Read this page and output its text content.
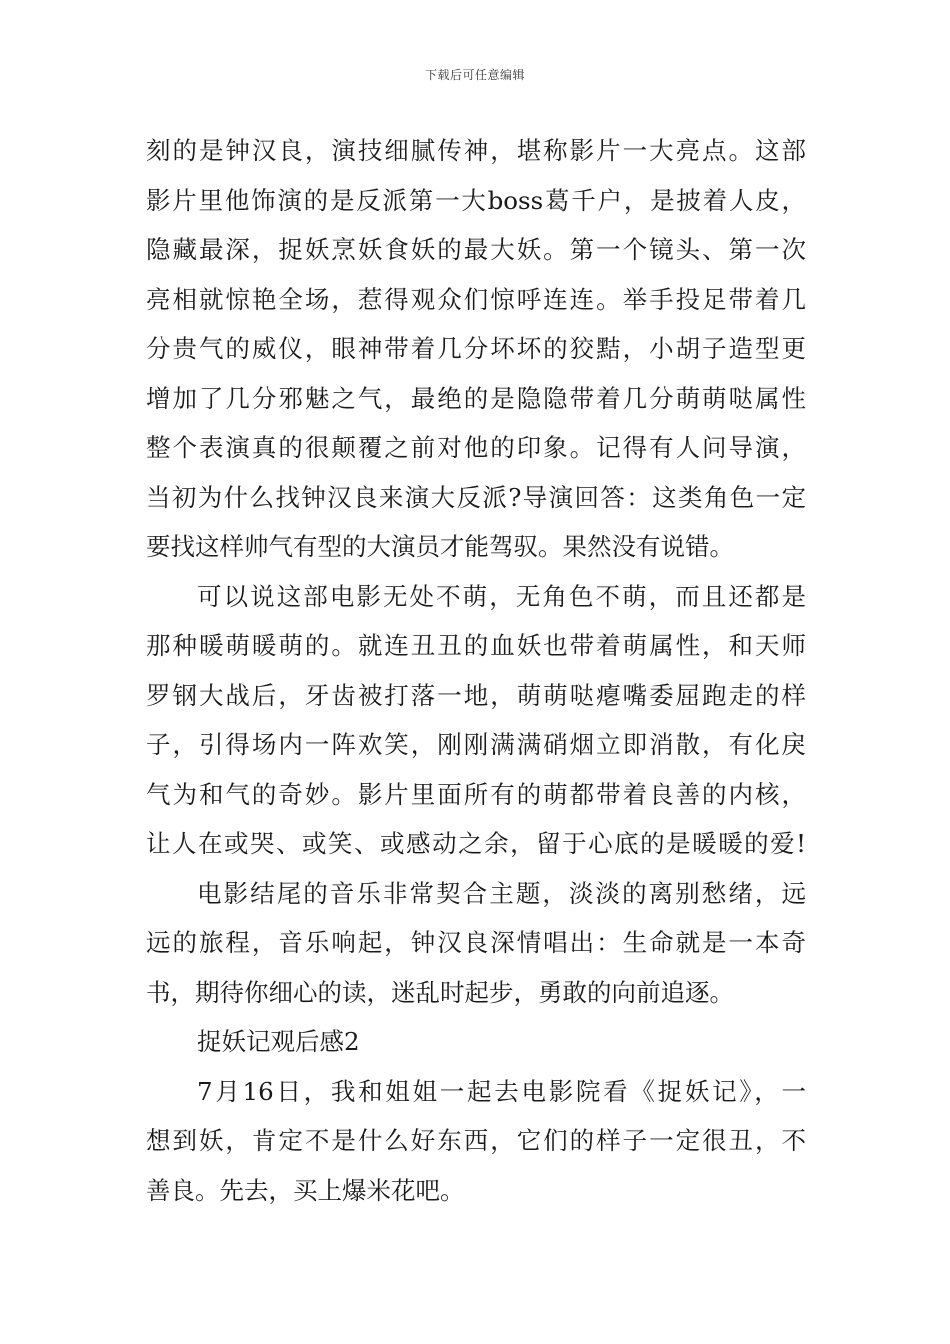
下载后可任意编辑
刻的是钟汉良，演技细腻传神，堪称影片一大亮点。这部
影片里他饰演的是反派第一大boss葛千户，是披着人皮，
隐藏最深，捉妖烹妖食妖的最大妖。第一个镜头、第一次
亮相就惊艳全场，惹得观众们惊呼连连。举手投足带着几
分贵气的威仪，眼神带着几分坏坏的狡黠，小胡子造型更
增加了几分邪魅之气，最绝的是隐隐带着几分萌萌哒属性
整个表演真的很颠覆之前对他的印象。记得有人问导演，
当初为什么找钟汉良来演大反派?导演回答：这类角色一定
要找这样帅气有型的大演员才能驾驭。果然没有说错。
可以说这部电影无处不萌，无角色不萌，而且还都是
那种暖萌暖萌的。就连丑丑的血妖也带着萌属性，和天师
罗钢大战后，牙齿被打落一地，萌萌哒瘪嘴委屈跑走的样
子，引得场内一阵欢笑，刚刚满满硝烟立即消散，有化戾
气为和气的奇妙。影片里面所有的萌都带着良善的内核，
让人在或哭、或笑、或感动之余，留于心底的是暖暖的爱!
电影结尾的音乐非常契合主题，淡淡的离别愁绪，远
远的旅程，音乐响起，钟汉良深情唱出：生命就是一本奇
书，期待你细心的读，迷乱时起步，勇敢的向前追逐。
捉妖记观后感2
7月16日，我和姐姐一起去电影院看《捉妖记》，一
想到妖，肯定不是什么好东西，它们的样子一定很丑，不
善良。先去，买上爆米花吧。
